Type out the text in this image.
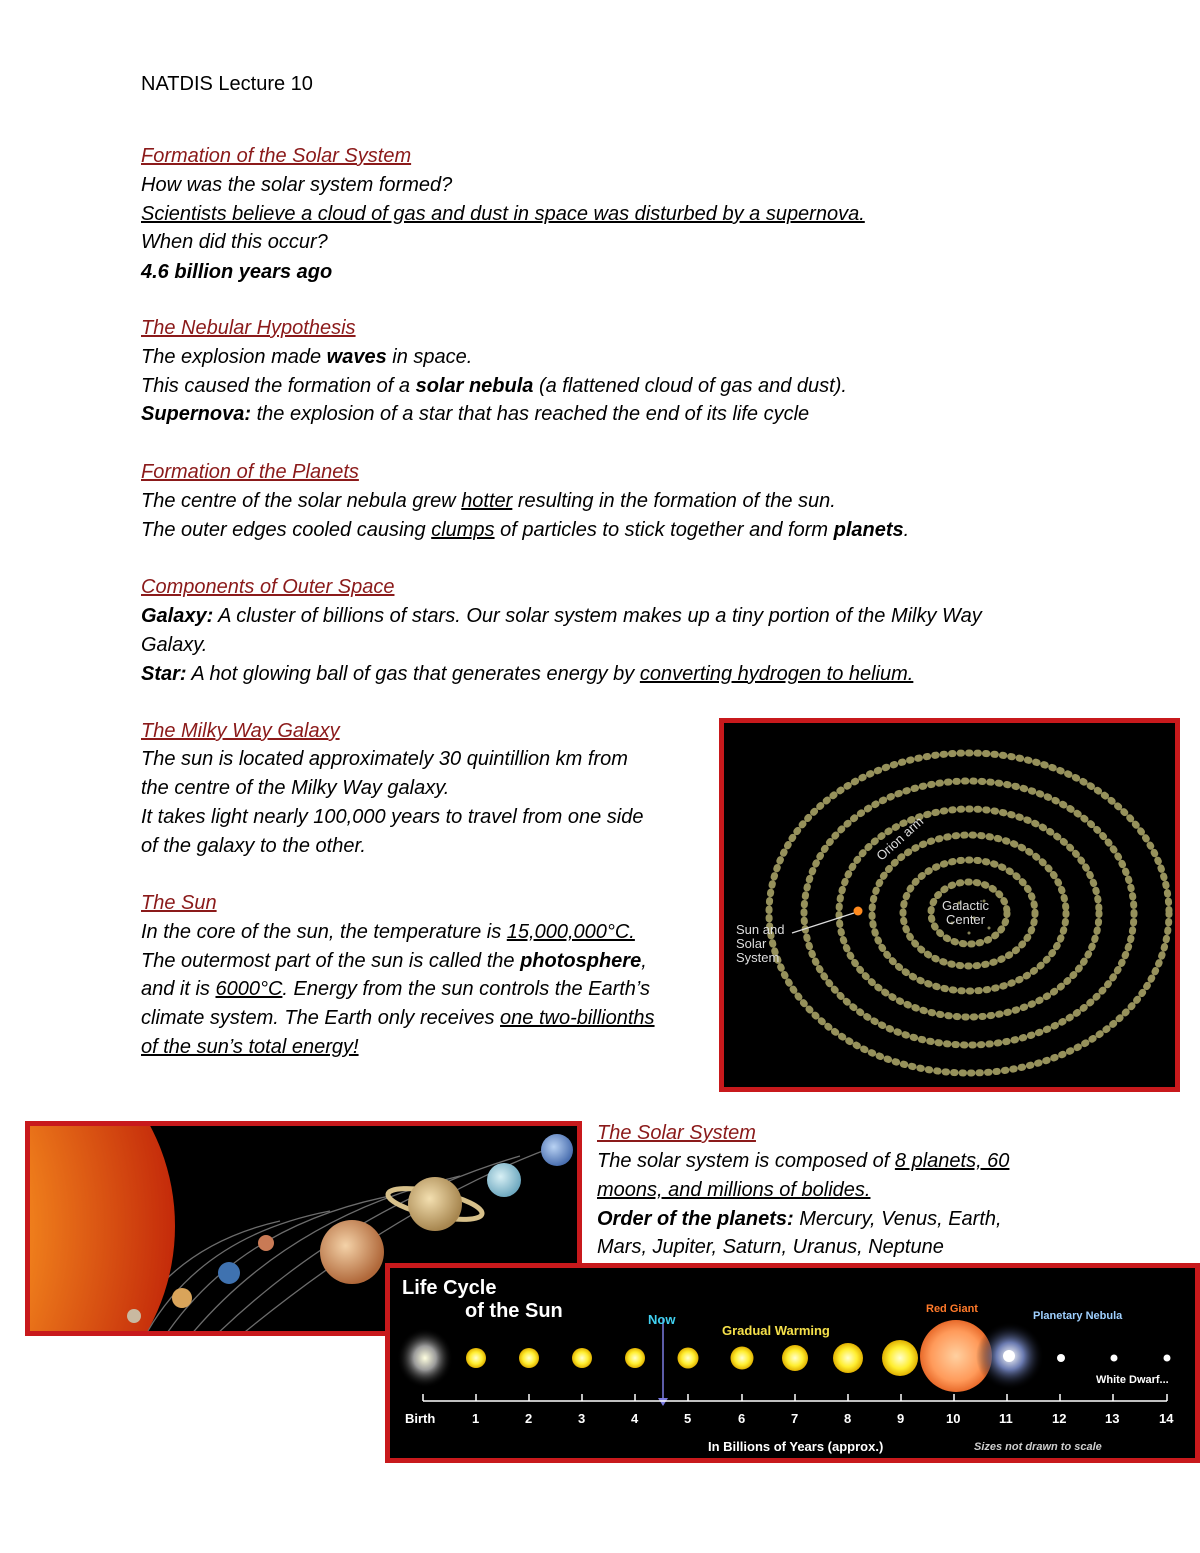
NATDIS Lecture 10
Formation of the Solar System
How was the solar system formed?
Scientists believe a cloud of gas and dust in space was disturbed by a supernova.
When did this occur?
4.6 billion years ago
The Nebular Hypothesis
The explosion made waves in space.
This caused the formation of a solar nebula (a flattened cloud of gas and dust).
Supernova: the explosion of a star that has reached the end of its life cycle
Formation of the Planets
The centre of the solar nebula grew hotter resulting in the formation of the sun.
The outer edges cooled causing clumps of particles to stick together and form planets.
Components of Outer Space
Galaxy: A cluster of billions of stars. Our solar system makes up a tiny portion of the Milky Way
Galaxy.
Star: A hot glowing ball of gas that generates energy by converting hydrogen to helium.
The Milky Way Galaxy
The sun is located approximately 30 quintillion km from
the centre of the Milky Way galaxy.
It takes light nearly 100,000 years to travel from one side
of the galaxy to the other.
The Sun
In the core of the sun, the temperature is 15,000,000°C.
The outermost part of the sun is called the photosphere,
and it is 6000°C. Energy from the sun controls the Earth’s
climate system. The Earth only receives one two-billionths
of the sun’s total energy!
Orion arm
Galactic
Center
Sun and
Solar
System
The Solar System
The solar system is composed of 8 planets, 60
moons, and millions of bolides.
Order of the planets: Mercury, Venus, Earth,
Mars, Jupiter, Saturn, Uranus, Neptune
Life Cycle
of the Sun	Now
Gradual Warming
Red Giant
Planetary Nebula
White Dwarf...
Birth	1	2	3	4	5	6	7	8	9	10	11	12	13	14
In Billions of Years (approx.)	Sizes not drawn to scale
